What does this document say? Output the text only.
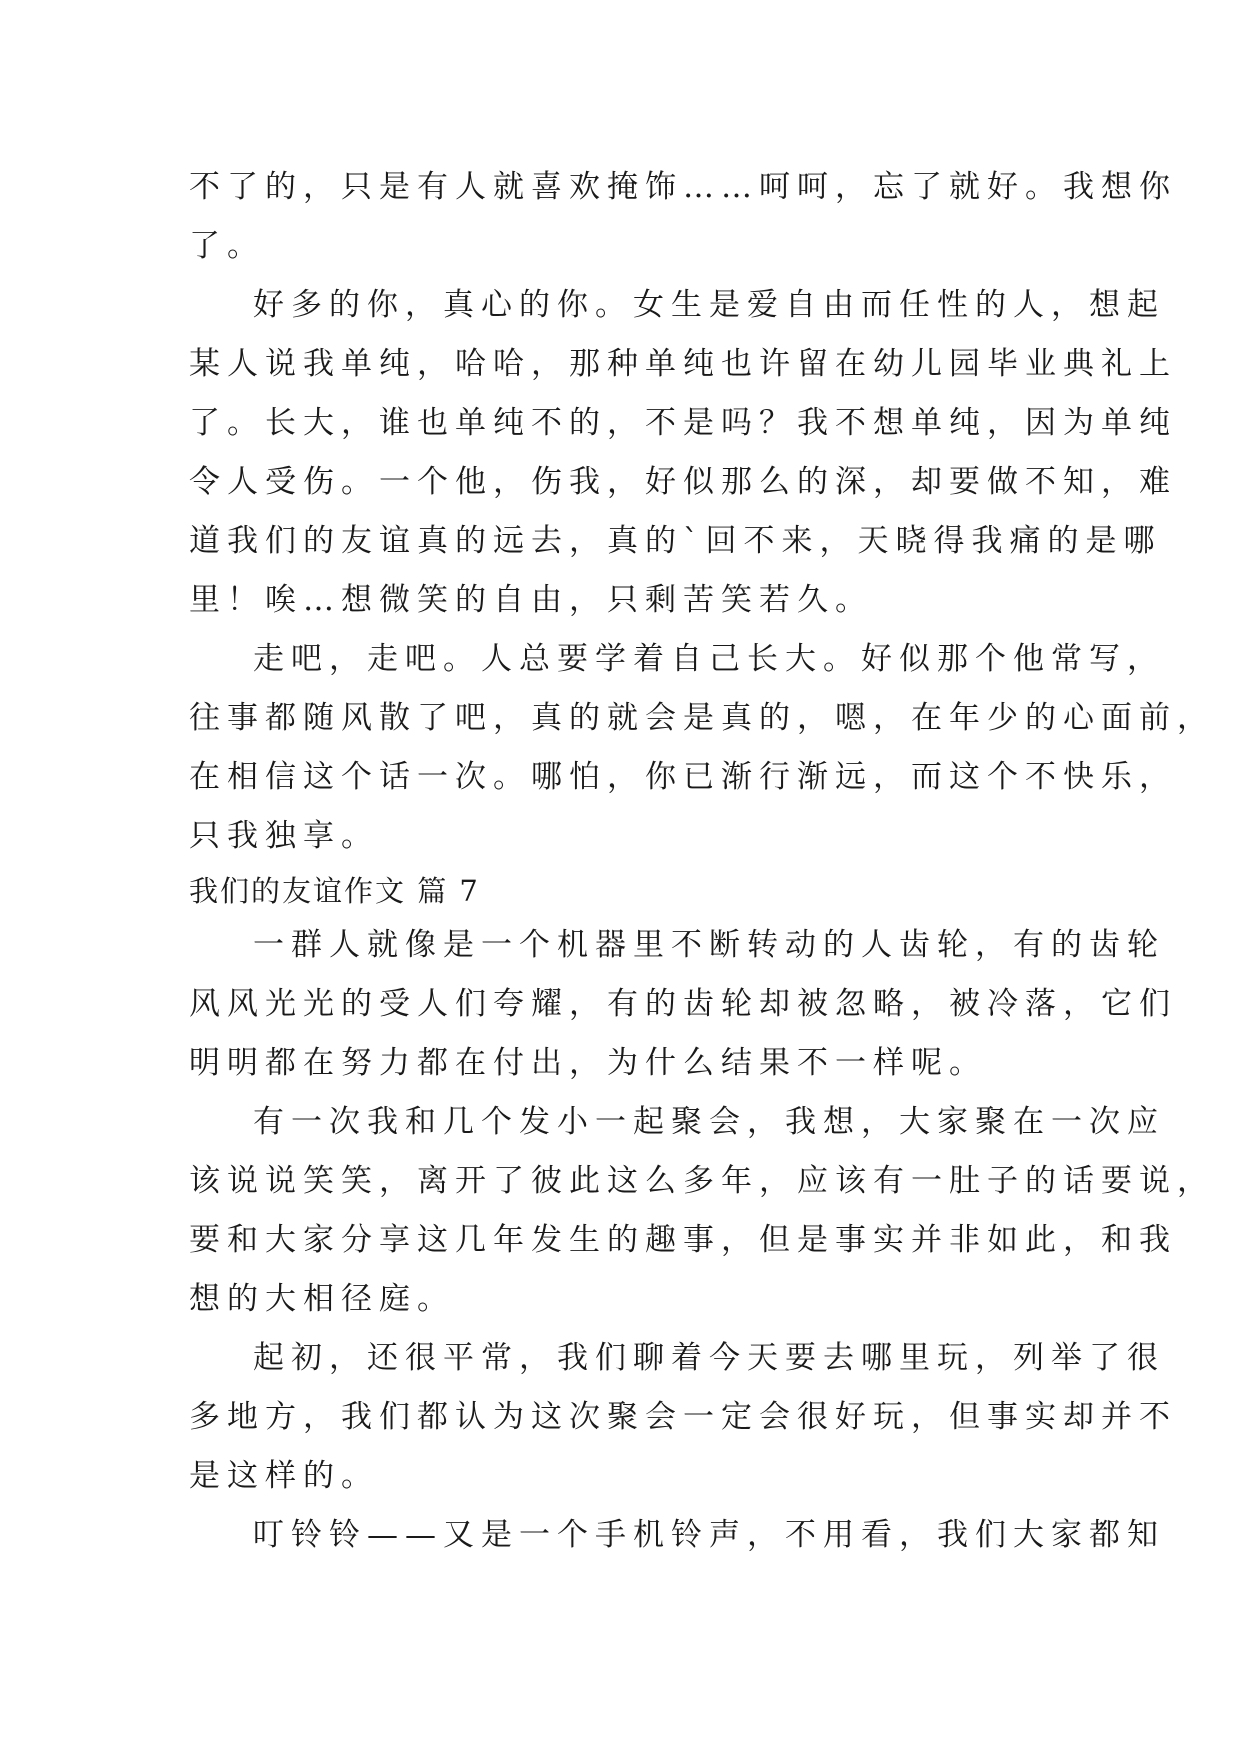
不了的，只是有人就喜欢掩饰……呵呵，忘了就好。我想你
了。
好多的你，真心的你。女生是爱自由而任性的人，想起
某人说我单纯，哈哈，那种单纯也许留在幼儿园毕业典礼上
了。长大，谁也单纯不的，不是吗？我不想单纯，因为单纯
令人受伤。一个他，伤我，好似那么的深，却要做不知，难
道我们的友谊真的远去，真的`回不来，天晓得我痛的是哪
里！唉…想微笑的自由，只剩苦笑若久。
走吧，走吧。人总要学着自己长大。好似那个他常写，
往事都随风散了吧，真的就会是真的，嗯，在年少的心面前，
在相信这个话一次。哪怕，你已渐行渐远，而这个不快乐，
只我独享。
我们的友谊作文 篇 7
一群人就像是一个机器里不断转动的人齿轮，有的齿轮
风风光光的受人们夸耀，有的齿轮却被忽略，被冷落，它们
明明都在努力都在付出，为什么结果不一样呢。
有一次我和几个发小一起聚会，我想，大家聚在一次应
该说说笑笑，离开了彼此这么多年，应该有一肚子的话要说，
要和大家分享这几年发生的趣事，但是事实并非如此，和我
想的大相径庭。
起初，还很平常，我们聊着今天要去哪里玩，列举了很
多地方，我们都认为这次聚会一定会很好玩，但事实却并不
是这样的。
叮铃铃——又是一个手机铃声，不用看，我们大家都知
